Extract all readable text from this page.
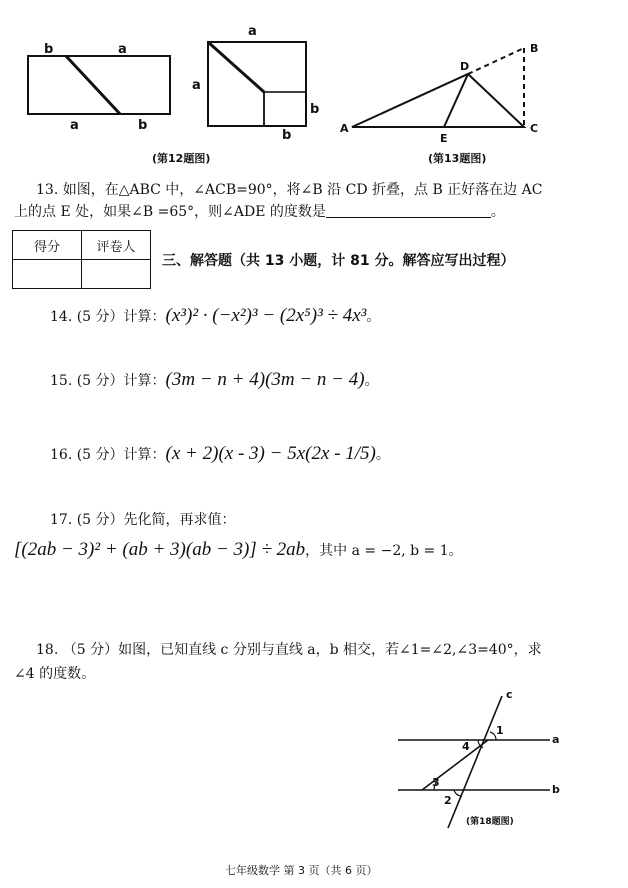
b	a
a	b
a
a
b
b
(第12题图)
A
B
C
D
E
(第13题图)
13. 如图，在△ABC 中，∠ACB=90°，将∠B 沿 CD 折叠，点 B 正好落在边 AC
上的点 E 处，如果∠B =65°，则∠ADE 的度数是	。
得分	评卷人

三、解答题（共 13 小题，计 81 分。解答应写出过程）
14. (5 分）计算：(x³)² · (−x²)³ − (2x⁵)³ ÷ 4x³。
15. (5 分）计算：(3m − n + 4)(3m − n − 4)。
16. (5 分）计算：(x + 2)(x - 3) − 5x(2x - 1/5)。
17. (5 分）先化简，再求值：
[(2ab − 3)² + (ab + 3)(ab − 3)] ÷ 2ab，其中 a = −2, b = 1。
18. （5 分）如图，已知直线 c 分别与直线 a，b 相交，若∠1=∠2,∠3=40°，求
∠4 的度数。
c
a
b
1
2
3
4
(第18题图)
七年级数学 第 3 页（共 6 页）
